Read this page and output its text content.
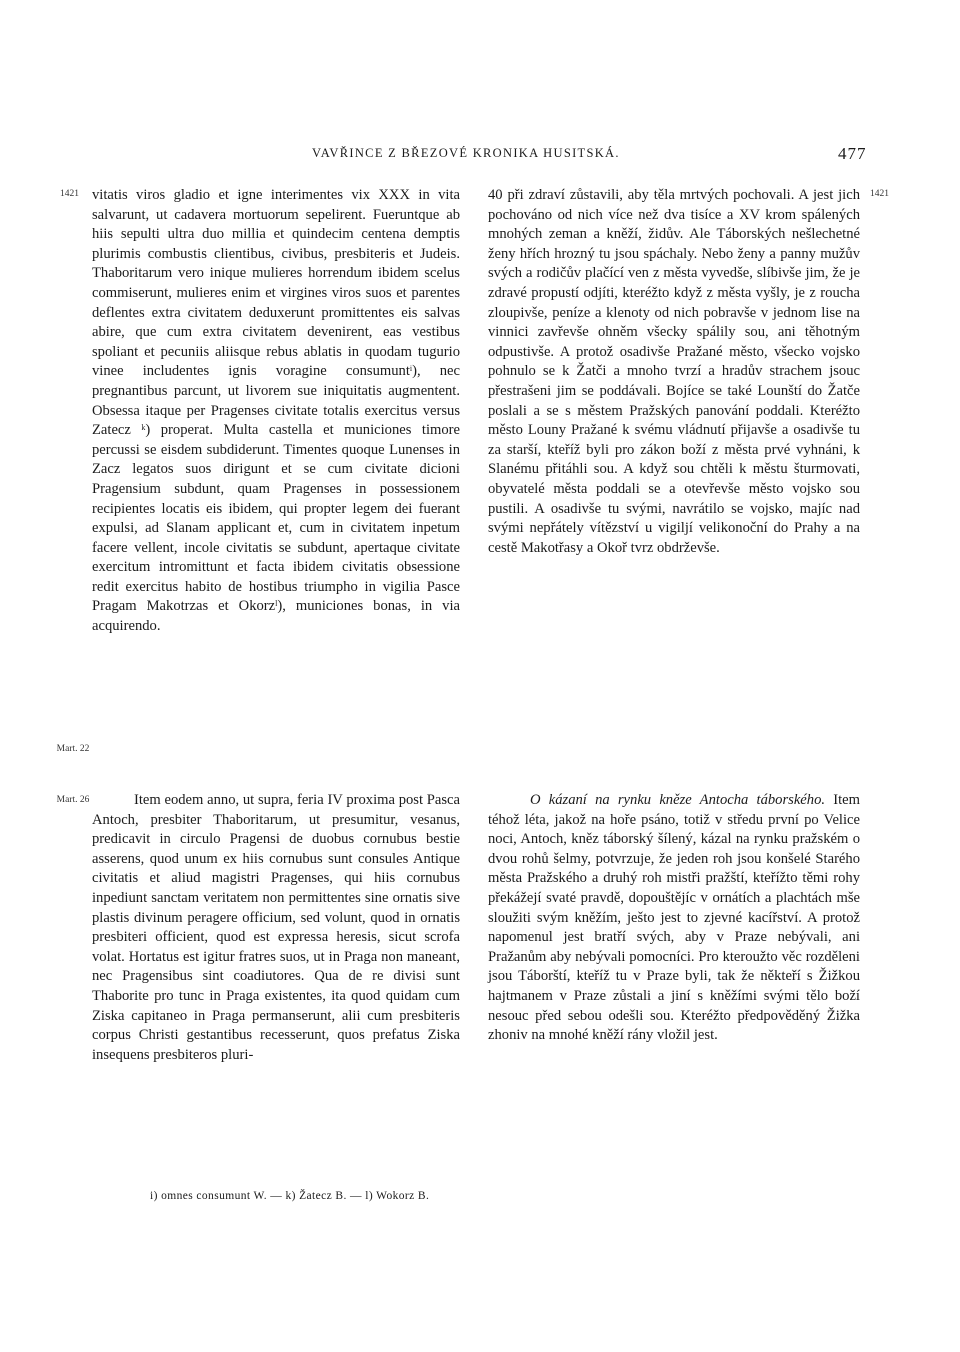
VAVŘINCE Z BŘEZOVÉ KRONIKA HUSITSKÁ.	477
1421	1421
Mart. 22
Mart. 26

vitatis viros gladio et igne interimentes vix XXX in vita salvarunt, ut cadavera mortuorum sepelirent. Fueruntque ab hiis sepulti ultra duo millia et quindecim centena demptis plurimis combustis clientibus, civibus, presbiteris et Judeis. Thaboritarum vero inique mulieres horrendum ibidem scelus commiserunt, mulieres enim et virgines viros suos et parentes deflentes extra civitatem deduxerunt promittentes eis salvas abire, que cum extra civitatem devenirent, eas vestibus spoliant et pecuniis aliisque rebus ablatis in quodam tugurio vinee includentes ignis voragine consumunt$^i$), nec pregnantibus parcunt, ut livorem sue iniquitatis augmentent. Obsessa itaque per Pragenses civitate totalis exercitus versus Zatecz $^k$) properat. Multa castella et municiones timore percussi se eisdem subdiderunt. Timentes quoque Lunenses in Zacz legatos suos dirigunt et se cum civitate dicioni Pragensium subdunt, quam Pragenses in possessionem recipientes locatis eis ibidem, qui propter legem dei fuerant expulsi, ad Slanam applicant et, cum in civitatem inpetum facere vellent, incole civitatis se subdunt, apertaque civitate exercitum intromittunt et facta ibidem civitatis obsessione redit exercitus habito de hostibus triumpho in vigilia Pasce Pragam Makotrzas et Okorz$^l$), municiones bonas, in via acquirendo.

Item eodem anno, ut supra, feria IV proxima post Pasca Antoch, presbiter Thaboritarum, ut presumitur, vesanus, predicavit in circulo Pragensi de duobus cornubus bestie asserens, quod unum ex hiis cornubus sunt consules Antique civitatis et aliud magistri Pragenses, qui hiis cornubus inpediunt sanctam veritatem non permittentes sine ornatis sive plastis divinum peragere officium, sed volunt, quod in ornatis presbiteri officient, quod est expressa heresis, sicut scrofa volat. Hortatus est igitur fratres suos, ut in Praga non maneant, nec Pragensibus sint coadiutores. Qua de re divisi sunt Thaborite pro tunc in Praga existentes, ita quod quidam cum Ziska capitaneo in Praga permanserunt, alii cum presbiteris corpus Christi gestantibus recesserunt, quos prefatus Ziska insequens presbiteros pluri-

40 při zdraví zůstavili, aby těla mrtvých pochovali. A jest jich pochováno od nich více než dva tisíce a XV krom spálených mnohých zeman a kněží, židův. Ale Táborských nešlechetné ženy hřích hrozný tu jsou spáchaly. Nebo ženy a panny mužův svých a rodičův plačící ven z města vyvedše, slíbivše jim, že je zdravé propustí odjíti, kteréžto když z města vyšly, je z roucha zloupivše, peníze a klenoty od nich pobravše v jednom lise na vinnici zavřevše ohněm všecky spálily sou, ani těhotným odpustivše. A protož osadivše Pražané město, všecko vojsko pohnulo se k Žatči a mnoho tvrzí a hradův strachem jsouc přestrašeni jim se poddávali. Bojíce se také Lounští do Žatče poslali a se s městem Pražských panování poddali. Kteréžto město Louny Pražané k svému vládnutí přijavše a osadivše tu za starší, kteříž byli pro zákon boží z města prvé vyhnáni, k Slanému přitáhli sou. A když sou chtěli k městu šturmovati, obyvatelé města poddali se a otevřevše město vojsko sou pustili. A osadivše tu svými, navrátilo se vojsko, majíc nad svými nepřátely vítězství u vigiljí velikonoční do Prahy a na cestě Makotřasy a Okoř tvrz obdrževše.

O kázaní na rynku kněze Antocha táborského. Item téhož léta, jakož na hoře psáno, totiž v středu první po Velice noci, Antoch, kněz táborský šílený, kázal na rynku pražském o dvou rohů šelmy, potvrzuje, že jeden roh jsou konšelé Starého města Pražského a druhý roh mistři pražští, kteřížto těmi rohy překážejí svaté pravdě, dopouštějíc v ornátích a plachtách mše sloužiti svým kněžím, ješto jest to zjevné kacířství. A protož napomenul jest bratří svých, aby v Praze nebývali, ani Pražanům aby nebývali pomocníci. Pro kteroužto věc rozděleni jsou Táborští, kteříž tu v Praze byli, tak že někteří s Žižkou hajtmanem v Praze zůstali a jiní s kněžími svými tělo boží nesouc před sebou odešli sou. Kteréžto předpověděný Žižka zhoniv na mnohé kněží rány vložil jest.

i) omnes consumunt W. — k) Žatecz B. — l) Wokorz B.
